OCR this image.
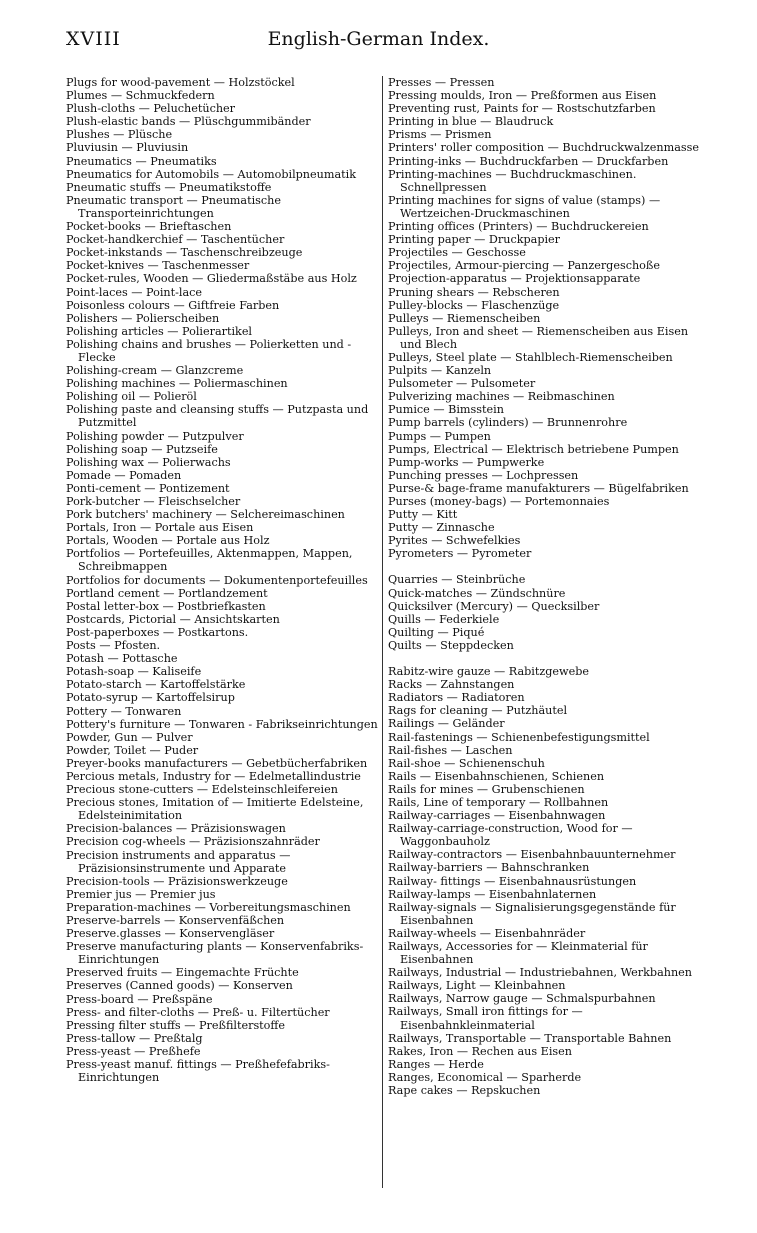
XVIII	English-German Index.

Plugs for wood-pavement — Holzstöckel

Plumes — Schmuckfedern

Plush-cloths — Peluchetücher

Plush-elastic bands — Plüschgummibänder

Plushes — Plüsche

Pluviusin — Pluviusin

Pneumatics — Pneumatiks

Pneumatics for Automobils — Automobilpneumatik

Pneumatic stuffs — Pneumatikstoffe

Pneumatic transport — Pneumatische Transporteinrichtungen

Pocket-books — Brieftaschen

Pocket-handkerchief — Taschentücher

Pocket-inkstands — Taschenschreibzeuge

Pocket-knives — Taschenmesser

Pocket-rules, Wooden — Gliedermaßstäbe aus Holz

Point-laces — Point-lace

Poisonless colours — Giftfreie Farben

Polishers — Polierscheiben

Polishing articles — Polierartikel

Polishing chains and brushes — Polierketten und -Flecke

Polishing-cream — Glanzcreme

Polishing machines — Poliermaschinen

Polishing oil — Polieröl

Polishing paste and cleansing stuffs — Putzpasta und Putzmittel

Polishing powder — Putzpulver

Polishing soap — Putzseife

Polishing wax — Polierwachs

Pomade — Pomaden

Ponti-cement — Pontizement

Pork-butcher — Fleischselcher

Pork butchers' machinery — Selchereimaschinen

Portals, Iron — Portale aus Eisen

Portals, Wooden — Portale aus Holz

Portfolios — Portefeuilles, Aktenmappen, Mappen, Schreibmappen

Portfolios for documents — Dokumentenportefeuilles

Portland cement — Portlandzement

Postal letter-box — Postbriefkasten

Postcards, Pictorial — Ansichtskarten

Post-paperboxes — Postkartons.

Posts — Pfosten.

Potash — Pottasche

Potash-soap — Kaliseife

Potato-starch — Kartoffelstärke

Potato-syrup — Kartoffelsirup

Pottery — Tonwaren

Pottery's furniture — Tonwaren - Fabrikseinrichtungen

Powder, Gun — Pulver

Powder, Toilet — Puder

Preyer-books manufacturers — Gebetbücherfabriken

Percious metals, Industry for — Edelmetallindustrie

Precious stone-cutters — Edelsteinschleifereien

Precious stones, Imitation of — Imitierte Edelsteine, Edelsteinimitation

Precision-balances — Präzisionswagen

Precision cog-wheels — Präzisionszahnräder

Precision instruments and apparatus — Präzisionsinstrumente und Apparate

Precision-tools — Präzisionswerkzeuge

Premier jus — Premier jus

Preparation-machines — Vorbereitungsmaschinen

Preserve-barrels — Konservenfäßchen

Preserve.glasses — Konservengläser

Preserve manufacturing plants — Konservenfabriks-Einrichtungen

Preserved fruits — Eingemachte Früchte

Preserves (Canned goods) — Konserven

Press-board — Preßspäne

Press- and filter-cloths — Preß- u. Filtertücher

Pressing filter stuffs — Preßfilterstoffe

Press-tallow — Preßtalg

Press-yeast — Preßhefe

Press-yeast manuf. fittings — Preßhefefabriks-Einrichtungen

Presses — Pressen

Pressing moulds, Iron — Preßformen aus Eisen

Preventing rust, Paints for — Rostschutzfarben

Printing in blue — Blaudruck

Prisms — Prismen

Printers' roller composition — Buchdruckwalzenmasse

Printing-inks — Buchdruckfarben — Druckfarben

Printing-machines — Buchdruckmaschinen. Schnellpressen

Printing machines for signs of value (stamps) — Wertzeichen-Druckmaschinen

Printing offices (Printers) — Buchdruckereien

Printing paper — Druckpapier

Projectiles — Geschosse

Projectiles, Armour-piercing — Panzergeschoße

Projection-apparatus — Projektionsapparate

Pruning shears — Rebscheren

Pulley-blocks — Flaschenzüge

Pulleys — Riemenscheiben

Pulleys, Iron and sheet — Riemenscheiben aus Eisen und Blech

Pulleys, Steel plate — Stahlblech-Riemenscheiben

Pulpits — Kanzeln

Pulsometer — Pulsometer

Pulverizing machines — Reibmaschinen

Pumice — Bimsstein

Pump barrels (cylinders) — Brunnenrohre

Pumps — Pumpen

Pumps, Electrical — Elektrisch betriebene Pumpen

Pump-works — Pumpwerke

Punching presses — Lochpressen

Purse-& bage-frame manufakturers — Bügelfabriken

Purses (money-bags) — Portemonnaies

Putty — Kitt

Putty — Zinnasche

Pyrites — Schwefelkies

Pyrometers — Pyrometer

Quarries — Steinbrüche

Quick-matches — Zündschnüre

Quicksilver (Mercury) — Quecksilber

Quills — Federkiele

Quilting — Piqué

Quilts — Steppdecken

Rabitz-wire gauze — Rabitzgewebe

Racks — Zahnstangen

Radiators — Radiatoren

Rags for cleaning — Putzhäutel

Railings — Geländer

Rail-fastenings — Schienenbefestigungsmittel

Rail-fishes — Laschen

Rail-shoe — Schienenschuh

Rails — Eisenbahnschienen, Schienen

Rails for mines — Grubenschienen

Rails, Line of temporary — Rollbahnen

Railway-carriages — Eisenbahnwagen

Railway-carriage-construction, Wood for — Waggonbauholz

Railway-contractors — Eisenbahnbauunternehmer

Railway-barriers — Bahnschranken

Railway- fittings — Eisenbahnausrüstungen

Railway-lamps — Eisenbahnlaternen

Railway-signals — Signalisierungsgegenstände für Eisenbahnen

Railway-wheels — Eisenbahnräder

Railways, Accessories for — Kleinmaterial für Eisenbahnen

Railways, Industrial — Industriebahnen, Werkbahnen

Railways, Light — Kleinbahnen

Railways, Narrow gauge — Schmalspurbahnen

Railways, Small iron fittings for — Eisenbahnkleinmaterial

Railways, Transportable — Transportable Bahnen

Rakes, Iron — Rechen aus Eisen

Ranges — Herde

Ranges, Economical — Sparherde

Rape cakes — Repskuchen
